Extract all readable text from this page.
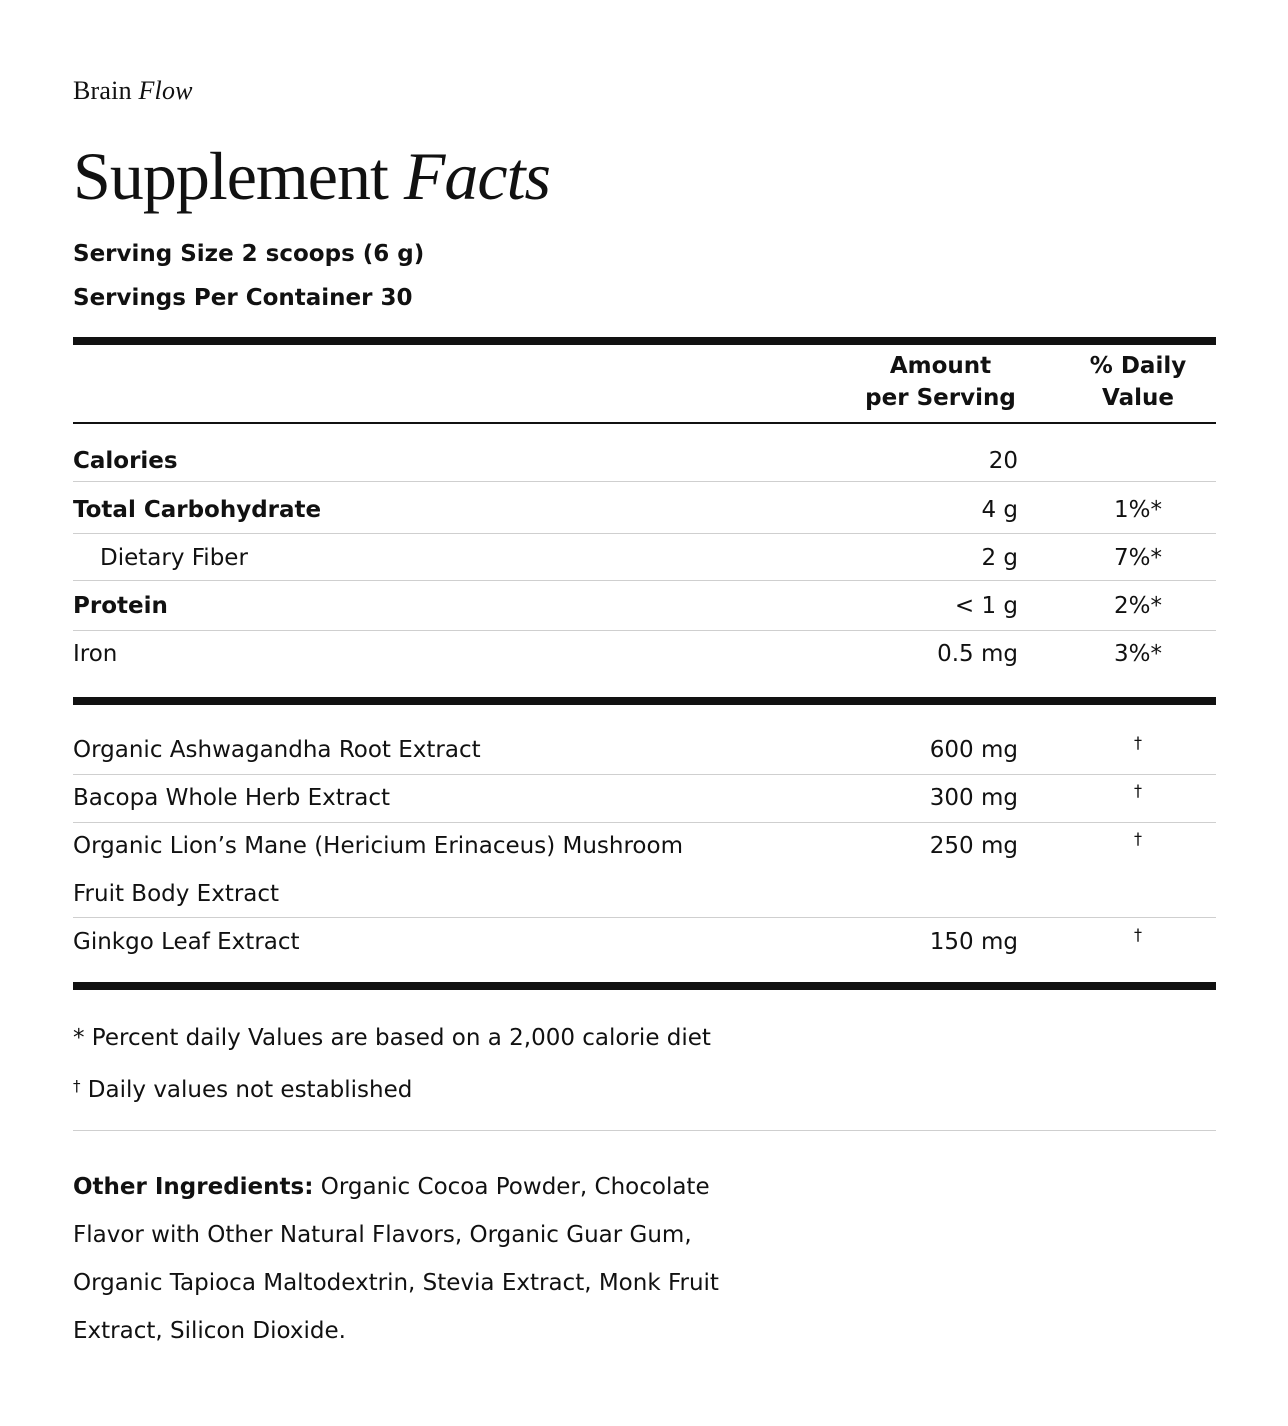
Brain Flow
Supplement Facts
Serving Size 2 scoops (6 g)
Servings Per Container 30
Amount
per Serving
% Daily
Value
Calories	20
Total Carbohydrate	4 g	1%*
Dietary Fiber	2 g	7%*
Protein	< 1 g	2%*
Iron	0.5 mg	3%*
Organic Ashwagandha Root Extract	600 mg	†
Bacopa Whole Herb Extract	300 mg	†
Organic Lion’s Mane (Hericium Erinaceus) Mushroom	250 mg	†
Fruit Body Extract
Ginkgo Leaf Extract	150 mg	†
* Percent daily Values are based on a 2,000 calorie diet
† Daily values not established
Other Ingredients: Organic Cocoa Powder, Chocolate Flavor with Other Natural Flavors, Organic Guar Gum, Organic Tapioca Maltodextrin, Stevia Extract, Monk Fruit Extract, Silicon Dioxide.
